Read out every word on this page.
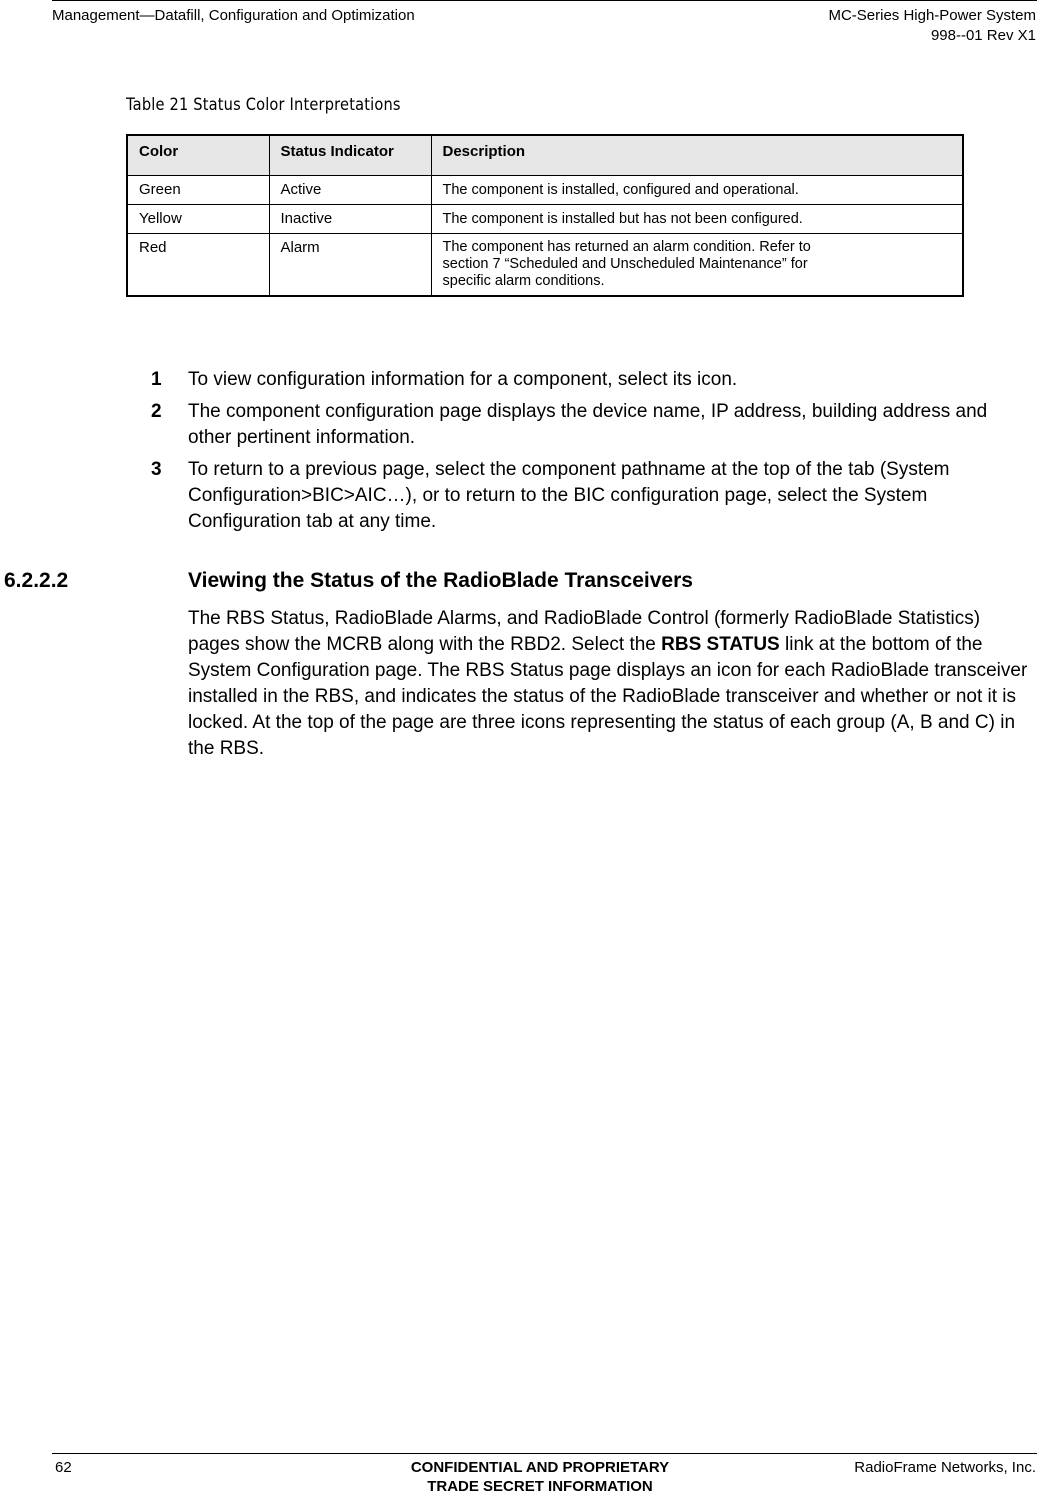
Management—Datafill, Configuration and Optimization	MC-Series High-Power System
998--01 Rev X1
Table 21 Status Color Interpretations
Color	Status Indicator	Description
Green	Active	The component is installed, configured and operational.
Yellow	Inactive	The component is installed but has not been configured.
Red	Alarm	The component has returned an alarm condition. Refer to
section 7 “Scheduled and Unscheduled Maintenance” for
specific alarm conditions.
1 To view configuration information for a component, select its icon.
2 The component configuration page displays the device name, IP address, building address and other pertinent information.
3 To return to a previous page, select the component pathname at the top of the tab (System Configuration>BIC>AIC…), or to return to the BIC configuration page, select the System Configuration tab at any time.
6.2.2.2	Viewing the Status of the RadioBlade Transceivers
The RBS Status, RadioBlade Alarms, and RadioBlade Control (formerly RadioBlade Statistics) pages show the MCRB along with the RBD2. Select the RBS STATUS link at the bottom of the System Configuration page. The RBS Status page displays an icon for each RadioBlade transceiver installed in the RBS, and indicates the status of the RadioBlade transceiver and whether or not it is locked. At the top of the page are three icons representing the status of each group (A, B and C) in the RBS.
62	CONFIDENTIAL AND PROPRIETARY
TRADE SECRET INFORMATION
RadioFrame Networks, Inc.
